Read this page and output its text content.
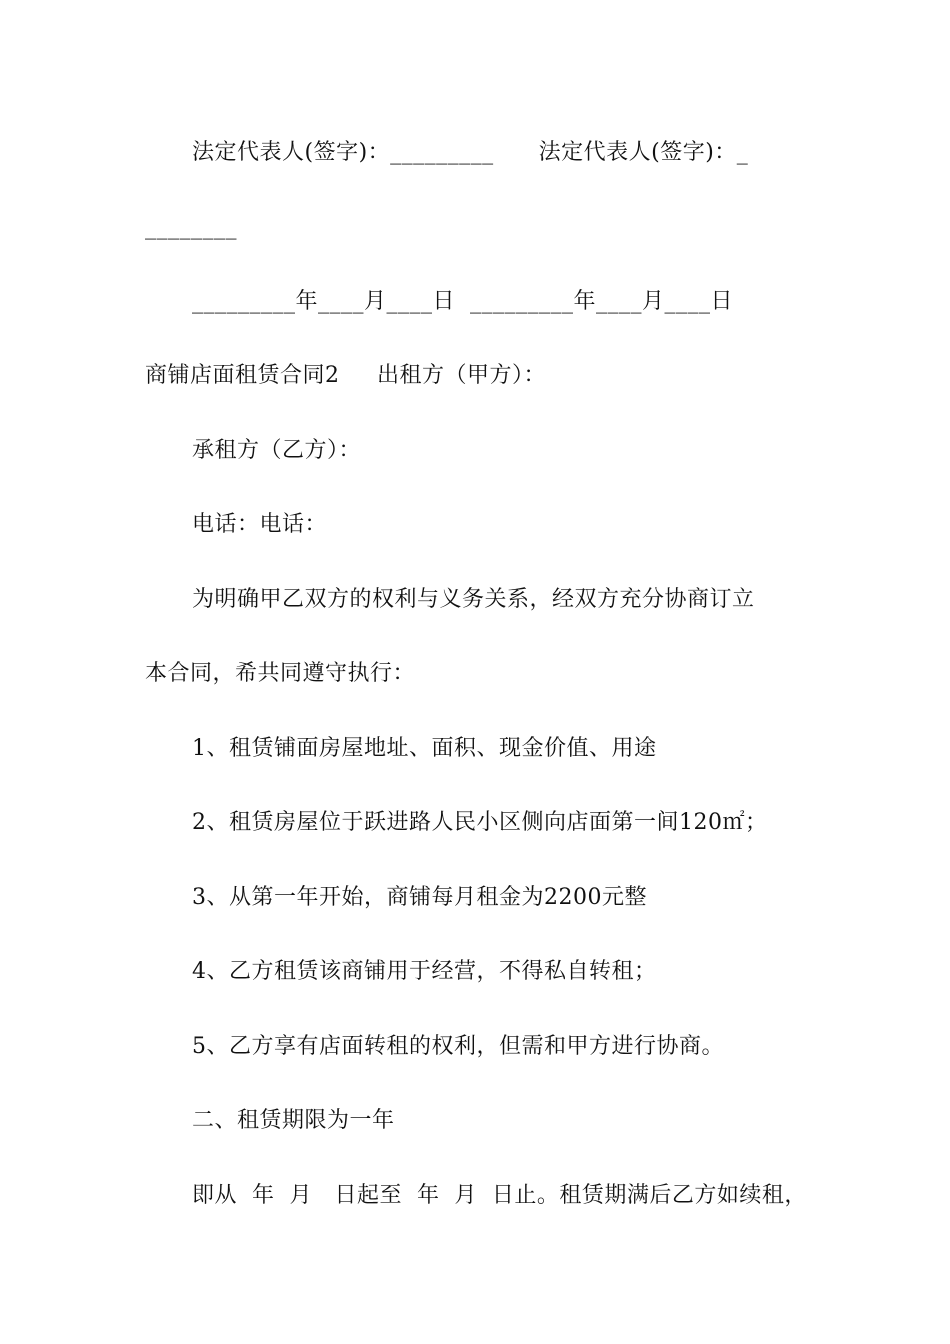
法定代表人(签字)：_________      法定代表人(签字)：_
________
_________年____月____日  _________年____月____日
商铺店面租赁合同2     出租方（甲方）：
承租方（乙方）：
电话：电话：
为明确甲乙双方的权利与义务关系，经双方充分协商订立
本合同，希共同遵守执行：
1、租赁铺面房屋地址、面积、现金价值、用途
2、租赁房屋位于跃进路人民小区侧向店面第一间120㎡；
3、从第一年开始，商铺每月租金为2200元整
4、乙方租赁该商铺用于经营，不得私自转租；
5、乙方享有店面转租的权利，但需和甲方进行协商。
二、租赁期限为一年
即从  年  月   日起至  年  月  日止。租赁期满后乙方如续租，
